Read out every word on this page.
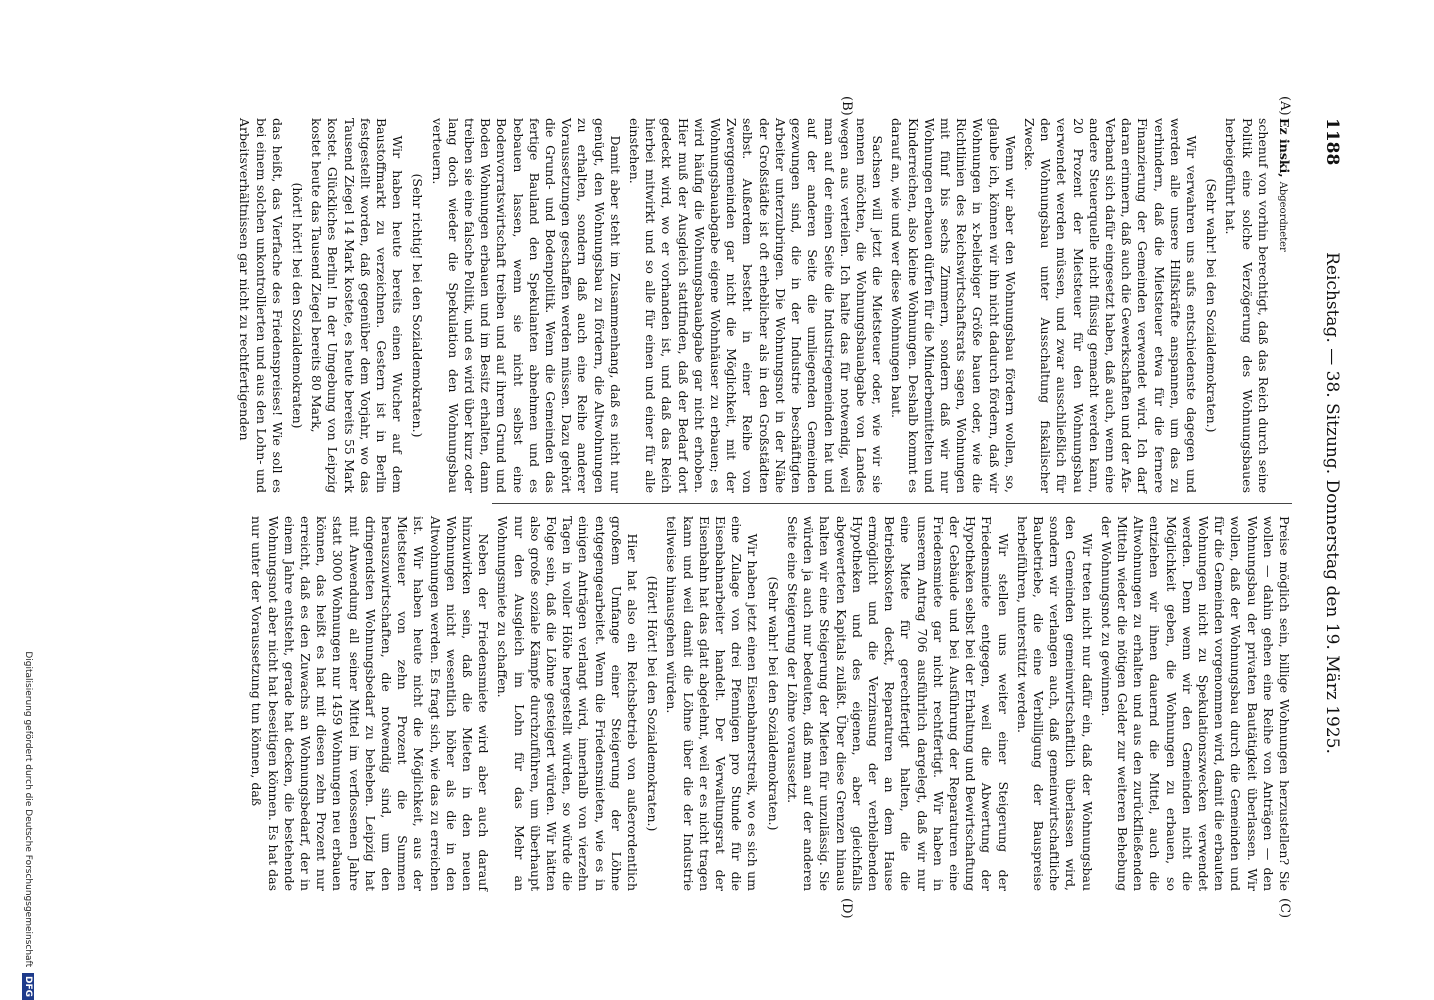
1188
Reichstag. — 38. Sitzung. Donnerstag den 19. März 1925.
(A)
(B)
(C)
(D)

Ez inski, Abgeordneter

schenuf von vorhin berechtigt, daß das Reich durch seine Politik eine solche Verzögerung des Wohnungsbaues herbeigeführt hat.

(Sehr wahr! bei den Sozialdemokraten.)

Wir verwahren uns aufs entschiedenste dagegen und werden alle unsere Hilfskräfte anspannen, um das zu verhindern, daß die Mietsteuer etwa für die fernere Finanzierung der Gemeinden verwendet wird. Ich darf daran erinnern, daß auch die Gewerkschaften und der Afa-Verband sich dafür eingesetzt haben, daß auch, wenn eine andere Steuerquelle nicht flüssig gemacht werden kann, 20 Prozent der Mietsteuer für den Wohnungsbau verwendet werden müssen, und zwar ausschließlich für den Wohnungsbau unter Ausschaltung fiskalischer Zwecke.

Wenn wir aber den Wohnungsbau fördern wollen, so, glaube ich, können wir ihn nicht dadurch fördern, daß wir Wohnungen in x-beliebiger Größe bauen oder, wie die Richtlinien des Reichswirtschaftsrats sagen, Wohnungen mit fünf bis sechs Zimmern, sondern daß wir nur Wohnungen erbauen dürfen für die Minderbemittelten und Kinderreichen, also kleine Wohnungen. Deshalb kommt es darauf an, wie und wer diese Wohnungen baut.

Sachsen will jetzt die Mietsteuer oder, wie wir sie nennen möchten, die Wohnungsbauabgabe von Landes wegen aus verteilen. Ich halte das für notwendig, weil man auf der einen Seite die Industriegemeinden hat und auf der anderen Seite die umliegenden Gemeinden gezwungen sind, die in der Industrie beschäftigten Arbeiter unterzubringen. Die Wohnungsnot in der Nähe der Großstädte ist oft erheblicher als in den Großstädten selbst. Außerdem besteht in einer Reihe von Zwerggemeinden gar nicht die Möglichkeit, mit der Wohnungsbauabgabe eigene Wohnhäuser zu erbauen; es wird häufig die Wohnungsbauabgabe gar nicht erhoben. Hier muß der Ausgleich stattfinden, daß der Bedarf dort gedeckt wird, wo er vorhanden ist, und daß das Reich hierbei mitwirkt und so alle für einen und einer für alle einstehen.

Damit aber steht im Zusammenhang, daß es nicht nur genügt, den Wohnungsbau zu fördern, die Altwohnungen zu erhalten, sondern daß auch eine Reihe anderer Voraussetzungen geschaffen werden müssen. Dazu gehört die Grund- und Bodenpolitik. Wenn die Gemeinden das fertige Bauland den Spekulanten abnehmen und es bebauen lassen, wenn sie nicht selbst eine Bodenvorratswirtschaft treiben und auf ihrem Grund und Boden Wohnungen erbauen und im Besitz erhalten, dann treiben sie eine falsche Politik, und es wird über kurz oder lang doch wieder die Spekulation den Wohnungsbau verteuern.

(Sehr richtig! bei den Sozialdemokraten.)

Wir haben heute bereits einen Wucher auf dem Baustoffmarkt zu verzeichnen. Gestern ist in Berlin festgestellt worden, daß gegenüber dem Vorjahr, wo das Tausend Ziegel 14 Mark kostete, es heute bereits 55 Mark kostet. Glückliches Berlin! In der Umgebung von Leipzig kostet heute das Tausend Ziegel bereits 80 Mark,

(hört! hört! bei den Sozialdemokraten)

das heißt, das Vierfache des Friedenspreises! Wie soll es bei einem solchen unkontrollierten und aus den Lohn- und Arbeitsverhältnissen gar nicht zu rechtfertigenden

Preise möglich sein, billige Wohnungen herzustellen? Sie wollen — dahin gehen eine Reihe von Anträgen — den Wohnungsbau der privaten Bautätigkeit überlassen. Wir wollen, daß der Wohnungsbau durch die Gemeinden und für die Gemeinden vorgenommen wird, damit die erbauten Wohnungen nicht zu Spekulationszwecken verwendet werden. Denn wenn wir den Gemeinden nicht die Möglichkeit geben, die Wohnungen zu erbauen, so entziehen wir ihnen dauernd die Mittel, auch die Altwohnungen zu erhalten und aus den zurückfließenden Mitteln wieder die nötigen Gelder zur weiteren Behebung der Wohnungsnot zu gewinnen.

Wir treten nicht nur dafür ein, daß der Wohnungsbau den Gemeinden gemeinwirtschaftlich überlassen wird, sondern wir verlangen auch, daß gemeinwirtschaftliche Baubetriebe, die eine Verbilligung der Bauspreise herbeiführen, unterstützt werden.

Wir stellen uns weiter einer Steigerung der Friedensmiete entgegen, weil die Abwertung der Hypotheken selbst bei der Erhaltung und Bewirtschaftung der Gebäude und bei Ausführung der Reparaturen eine Friedensmiete gar nicht rechtfertigt. Wir haben in unserem Antrag 706 ausführlich dargelegt, daß wir nur eine Miete für gerechtfertigt halten, die die Betriebskosten deckt, Reparaturen an dem Hause ermöglicht und die Verzinsung der verbleibenden Hypotheken und des eigenen, aber gleichfalls abgewerteten Kapitals zuläßt. Über diese Grenzen hinaus halten wir eine Steigerung der Mieten für unzulässig. Sie würden ja auch nur bedeuten, daß man auf der anderen Seite eine Steigerung der Löhne voraussetzt.

(Sehr wahr! bei den Sozialdemokraten.)

Wir haben jetzt einen Eisenbahnerstreik, wo es sich um eine Zulage von drei Pfennigen pro Stunde für die Eisenbahnarbeiter handelt. Der Verwaltungsrat der Eisenbahn hat das glatt abgelehnt, weil er es nicht tragen kann und weil damit die Löhne über die der Industrie teilweise hinausgehen würden.

(Hört! Hört! bei den Sozialdemokraten.)

Hier hat also ein Reichsbetrieb von außerordentlich großem Umfange einer Steigerung der Löhne entgegengearbeitet. Wenn die Friedensmieten, wie es in einigen Anträgen verlangt wird, innerhalb von vierzehn Tagen in voller Höhe hergestellt würden, so würde die Folge sein, daß die Löhne gesteigert würden. Wir hätten also große soziale Kämpfe durchzuführen, um überhaupt nur den Ausgleich im Lohn für das Mehr an Wohnungsmiete zu schaffen.

Neben der Friedensmiete wird aber auch darauf hinzuwirken sein, daß die Mieten in den neuen Wohnungen nicht wesentlich höher als die in den Altwohnungen werden. Es fragt sich, wie das zu erreichen ist. Wir haben heute nicht die Möglichkeit, aus der Mietsteuer von zehn Prozent die Summen herauszuwirtschaften, die notwendig sind, um den dringendsten Wohnungsbedarf zu beheben. Leipzig hat mit Anwendung all seiner Mittel im verflossenen Jahre statt 3000 Wohnungen nur 1459 Wohnungen neu erbauen können, das heißt es hat mit diesen zehn Prozent nur erreicht, daß es den Zuwachs an Wohnungsbedarf, der in einem Jahre entsteht, gerade hat decken, die bestehende Wohnungsnot aber nicht hat beseitigen können. Es hat das nur unter der Voraussetzung tun können, daß

Digitalisierung gefördert durch die Deutsche Forschungsgemeinschaft DFG
